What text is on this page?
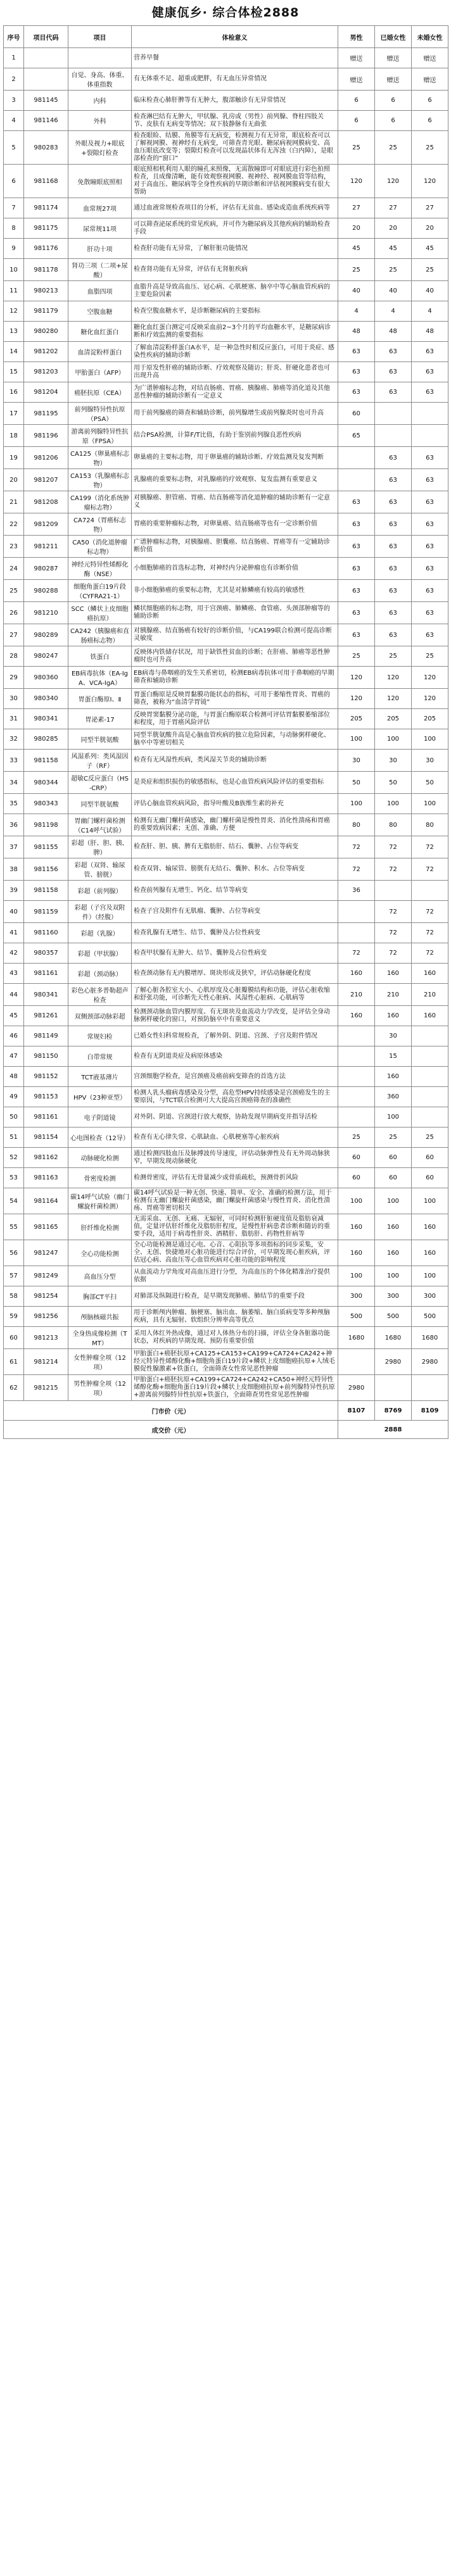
健康佤乡· 综合体检2888
序号	项目代码	项目	体检意义	男性	已婚女性	未婚女性
1			营养早餐	赠送	赠送	赠送
2		自觉、身高、体重、体重指数	有无体重不足、超重或肥胖，有无血压异常情况	赠送	赠送	赠送
3	981145	内科	临床检查心肺肝脾等有无肿大，腹部触诊有无异常情况	6	6	6
4	981146	外科	检查淋巴结有无肿大，甲状腺、乳房或（男性）前列腺、脊柱四肢关节、皮肤有无病变等情况；双下肢静脉有无曲张	6	6	6
5	980283	外眼及视力+眼底+裂隙灯检查	检查眼睑、结膜、角膜等有无病变，检测视力有无异常，眼底检查可以了解视网膜、视神经有无病变，可筛查青光眼、糖尿病视网膜病变、高血压眼底改变等；裂隙灯检查可以发现晶状体有无浑浊（白内障），是眼部检查的“窗口”	25	25	25
6	981168	免散瞳眼底照相	眼底照相机利用人眼的瞳孔来照像，无需散瞳即可对眼底进行彩色拍照检查，且成像清晰，能有效观察视网膜、视神经、视网膜血管等结构，对于高血压、糖尿病等全身性疾病的早期诊断和评估视网膜病变有很大帮助	120	120	120
7	981174	血常规27项	通过血液常规检查项目的分析，评估有无贫血、感染或造血系统疾病等	27	27	27
8	981175	尿常规11项	可以筛查泌尿系统的常见疾病，并可作为糖尿病及其他疾病的辅助检查手段	20	20	20
9	981176	肝功十项	检查肝功能有无异常，了解肝脏功能情况	45	45	45
10	981178	肾功三项（二项+尿酸）	检查肾功能有无异常，评估有无肾脏疾病	25	25	25
11	980213	血脂四项	血脂升高是导致高血压、冠心病、心肌梗塞、脑卒中等心脑血管疾病的主要危险因素	40	40	40
12	981179	空腹血糖	检查空腹血糖水平，是诊断糖尿病的主要指标	4	4	4
13	980280	糖化血红蛋白	糖化血红蛋白测定可反映采血前2~3个月的平均血糖水平，是糖尿病诊断和疗效监测的重要指标	48	48	48
14	981202	血清淀粉样蛋白	了解血清淀粉样蛋白A水平，是一种急性时相反应蛋白，可用于炎症、感染性疾病的辅助诊断	63	63	63
15	981203	甲胎蛋白（AFP）	用于原发性肝癌的辅助诊断、疗效观察及随访；肝炎、肝硬化患者也可出现升高	63	63	63
16	981204	癌胚抗原（CEA）	为广谱肿瘤标志物，对结直肠癌、胃癌、胰腺癌、肺癌等消化道及其他恶性肿瘤的辅助诊断有一定意义	63	63	63
17	981195	前列腺特异性抗原（PSA）	用于前列腺癌的筛查和辅助诊断，前列腺增生或前列腺炎时也可升高	60		
18	981196	游离前列腺特异性抗原（FPSA）	结合PSA检测，计算F/T比值，有助于鉴别前列腺良恶性疾病	65		
19	981206	CA125（卵巢癌标志物）	卵巢癌的主要标志物，用于卵巢癌的辅助诊断、疗效监测及复发判断		63	63
20	981207	CA153（乳腺癌标志物）	乳腺癌的重要标志物，对乳腺癌的疗效观察、复发监测有重要意义		63	63
21	981208	CA199（消化系统肿瘤标志物）	对胰腺癌、胆管癌、胃癌、结直肠癌等消化道肿瘤的辅助诊断有一定意义	63	63	63
22	981209	CA724（胃癌标志物）	胃癌的重要肿瘤标志物，对卵巢癌、结直肠癌等也有一定诊断价值	63	63	63
23	981211	CA50（消化道肿瘤标志物）	广谱肿瘤标志物，对胰腺癌、胆囊癌、结直肠癌、胃癌等有一定辅助诊断价值	63	63	63
24	980287	神经元特异性烯醇化酶（NSE）	小细胞肺癌的首选标志物，对神经内分泌肿瘤也有诊断价值	63	63	63
25	980288	细胞角蛋白19片段（CYFRA21-1）	非小细胞肺癌的重要标志物，尤其是对肺鳞癌有较高的敏感性	63	63	63
26	981210	SCC（鳞状上皮细胞癌抗原）	鳞状细胞癌的标志物，用于宫颈癌、肺鳞癌、食管癌、头颈部肿瘤等的辅助诊断	63	63	63
27	980289	CA242（胰腺癌和直肠癌标志物）	对胰腺癌、结直肠癌有较好的诊断价值，与CA199联合检测可提高诊断灵敏度	63	63	63
28	980247	铁蛋白	反映体内铁储存状况，用于缺铁性贫血的诊断；在肝癌、肺癌等恶性肿瘤时也可升高	25	25	25
29	980360	EB病毒抗体（EA-IgA、VCA-IgA）	EB病毒与鼻咽癌的发生关系密切，检测EB病毒抗体可用于鼻咽癌的早期筛查和辅助诊断	120	120	120
30	980340	胃蛋白酶原Ⅰ、Ⅱ	胃蛋白酶原是反映胃黏膜功能状态的指标，可用于萎缩性胃炎、胃癌的筛查，被称为“血清学胃镜”	120	120	120
31	980341	胃泌素-17	反映胃窦黏膜分泌功能，与胃蛋白酶原联合检测可评估胃黏膜萎缩部位和程度，用于胃癌风险评估	205	205	205
32	980285	同型半胱氨酸	同型半胱氨酸升高是心脑血管疾病的独立危险因素，与动脉粥样硬化、脑卒中等密切相关	100	100	100
33	981158	风湿系列：类风湿因子（RF）	检查有无风湿性疾病，类风湿关节炎的辅助诊断	30	30	30
34	980344	超敏C反应蛋白（HS-CRP）	是炎症和组织损伤的敏感指标，也是心血管疾病风险评估的重要指标	50	50	50
35	980343	同型半胱氨酸	评估心脑血管疾病风险，指导叶酸及B族维生素的补充	100	100	100
36	981198	胃幽门螺杆菌检测（C14呼气试验）	检测有无幽门螺杆菌感染，幽门螺杆菌是慢性胃炎、消化性溃疡和胃癌的重要致病因素；无创、准确、方便	80	80	80
37	981155	彩超（肝、胆、胰、脾）	检查肝、胆、胰、脾有无脂肪肝、结石、囊肿、占位等病变	72	72	72
38	981156	彩超（双肾、输尿管、膀胱）	检查双肾、输尿管、膀胱有无结石、囊肿、积水、占位等病变	72	72	72
39	981158	彩超（前列腺）	检查前列腺有无增生、钙化、结节等病变	36		
40	981159	彩超（子宫及双附件）（经腹）	检查子宫及附件有无肌瘤、囊肿、占位等病变		72	72
41	981160	彩超（乳腺）	检查乳腺有无增生、结节、囊肿及占位性病变		72	72
42	980357	彩超（甲状腺）	检查甲状腺有无肿大、结节、囊肿及占位性病变	72	72	72
43	981161	彩超（颈动脉）	检查颈动脉有无内膜增厚、斑块形成及狭窄，评估动脉硬化程度	160	160	160
44	980341	彩色心脏多普勒超声检查	了解心脏各腔室大小、心肌厚度及心脏瓣膜结构和功能，评估心脏收缩和舒张功能，可诊断先天性心脏病、风湿性心脏病、心肌病等	210	210	210
45	981261	双侧颈部动脉彩超	检测颈动脉血管内膜厚度、有无斑块及血流动力学改变，是评估全身动脉粥样硬化的窗口，对预防脑卒中有重要意义	160	160	160
46	981149	常规妇检	已婚女性妇科常规检查，了解外阴、阴道、宫颈、子宫及附件情况		30	
47	981150	白带常规	检查有无阴道炎症及病原体感染		15	
48	981152	TCT液基薄片	宫颈细胞学检查，是宫颈癌及癌前病变筛查的首选方法		160	
49	981153	HPV（23种亚型）	检测人乳头瘤病毒感染及分型，高危型HPV持续感染是宫颈癌发生的主要原因，与TCT联合检测可大大提高宫颈癌筛查的准确性		360	
50	981161	电子阴道镜	对外阴、阴道、宫颈进行放大观察，协助发现早期病变并指导活检		100	
51	981154	心电图检查（12导）	检查有无心律失常、心肌缺血、心肌梗塞等心脏疾病	25	25	25
52	981162	动脉硬化检测	通过检测四肢血压及脉搏波传导速度，评估动脉弹性及有无外周动脉狭窄，早期发现动脉硬化	60	60	60
53	981163	骨密度检测	检测骨密度，评估有无骨量减少或骨质疏松，预测骨折风险	60	60	60
54	981164	碳14呼气试验（幽门螺旋杆菌检测）	碳14呼气试验是一种无创、快速、简单、安全、准确的检测方法，用于检测有无幽门螺旋杆菌感染，幽门螺旋杆菌感染与慢性胃炎、消化性溃疡、胃癌等密切相关	100	100	100
55	981165	肝纤维化检测	无需采血、无创、无痛、无辐射，可同时检测肝脏硬度值及脂肪衰减值，定量评估肝纤维化及脂肪肝程度，是慢性肝病患者诊断和随访的重要手段，适用于病毒性肝炎、酒精肝、脂肪肝、药物性肝病等	160	160	160
56	981247	全心功能检测	全心功能检测是通过心电、心音、心阻抗等多项指标的同步采集，安全、无创、快捷地对心脏功能进行综合评价，可早期发现心脏疾病，评估冠心病、高血压等心血管疾病对心脏功能的影响程度	160	160	160
57	981249	高血压分型	从血流动力学角度对高血压进行分型，为高血压的个体化精准治疗提供依据	100	100	100
58	981254	胸部CT平扫	对肺部及纵隔进行检查，是早期发现肺癌、肺结节的重要手段	300	300	300
59	981256	颅脑核磁共振	用于诊断颅内肿瘤、脑梗塞、脑出血、脑萎缩、脑白质病变等多种颅脑疾病，具有无辐射、软组织分辨率高等优点	500	500	500
60	981213	全身热成像检测（TMT）	采用人体红外热成像，通过对人体热分布的扫描，评估全身各脏器功能状态，对疾病的早期发现、预防有重要价值	1680	1680	1680
61	981214	女性肿瘤全项（12项）	甲胎蛋白+癌胚抗原+CA125+CA153+CA199+CA724+CA242+神经元特异性烯醇化酶+细胞角蛋白19片段+鳞状上皮细胞癌抗原+人绒毛膜促性腺激素+铁蛋白，全面筛查女性常见恶性肿瘤		2980	2980
62	981215	男性肿瘤全项（12项）	甲胎蛋白+癌胚抗原+CA199+CA724+CA242+CA50+神经元特异性烯醇化酶+细胞角蛋白19片段+鳞状上皮细胞癌抗原+前列腺特异性抗原+游离前列腺特异性抗原+铁蛋白，全面筛查男性常见恶性肿瘤	2980		
门市价（元）				8107	8769	8109
成交价（元）				2888		
